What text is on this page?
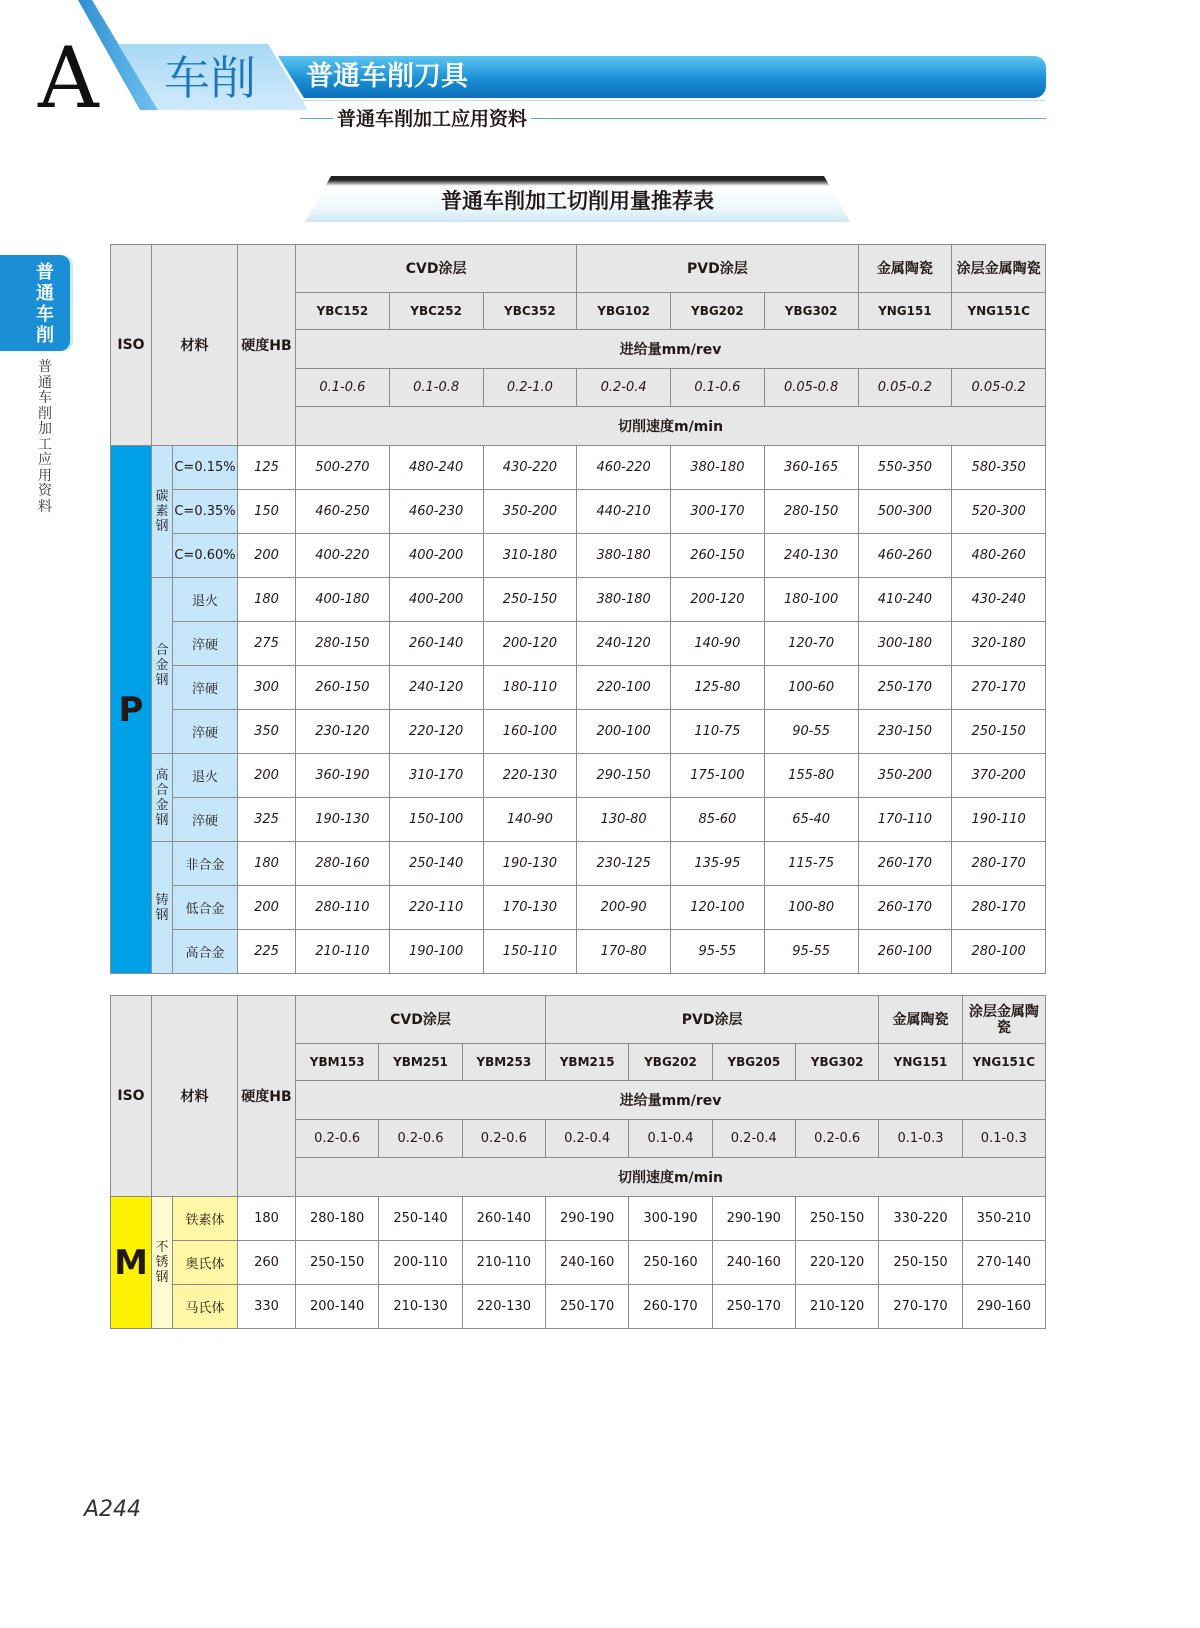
A 车削 普通车削刀具
普通车削加工应用资料
普通车削加工切削用量推荐表
普通车削
普通车削加工应用资料
ISO	材料		硬度HB	CVD涂层			PVD涂层			金属陶瓷	涂层金属陶瓷
				YBC152	YBC252	YBC352	YBG102	YBG202	YBG302	YNG151	YNG151C
				进给量mm/rev							
				0.1-0.6	0.1-0.8	0.2-1.0	0.2-0.4	0.1-0.6	0.05-0.8	0.05-0.2	0.05-0.2
				切削速度m/min							
P	碳素钢	C=0.15%	125	500-270	480-240	430-220	460-220	380-180	360-165	550-350	580-350
		C=0.35%	150	460-250	460-230	350-200	440-210	300-170	280-150	500-300	520-300
		C=0.60%	200	400-220	400-200	310-180	380-180	260-150	240-130	460-260	480-260
	合金钢	退火	180	400-180	400-200	250-150	380-180	200-120	180-100	410-240	430-240
		淬硬	275	280-150	260-140	200-120	240-120	140-90	120-70	300-180	320-180
		淬硬	300	260-150	240-120	180-110	220-100	125-80	100-60	250-170	270-170
		淬硬	350	230-120	220-120	160-100	200-100	110-75	90-55	230-150	250-150
	高合金钢	退火	200	360-190	310-170	220-130	290-150	175-100	155-80	350-200	370-200
		淬硬	325	190-130	150-100	140-90	130-80	85-60	65-40	170-110	190-110
	铸钢	非合金	180	280-160	250-140	190-130	230-125	135-95	115-75	260-170	280-170
		低合金	200	280-110	220-110	170-130	200-90	120-100	100-80	260-170	280-170
		高合金	225	210-110	190-100	150-110	170-80	95-55	95-55	260-100	280-100
ISO	材料		硬度HB	CVD涂层			PVD涂层				金属陶瓷	涂层金属陶瓷
				YBM153	YBM251	YBM253	YBM215	YBG202	YBG205	YBG302	YNG151	YNG151C
				进给量mm/rev								
				0.2-0.6	0.2-0.6	0.2-0.6	0.2-0.4	0.1-0.4	0.2-0.4	0.2-0.6	0.1-0.3	0.1-0.3
				切削速度m/min								
M	不锈钢	铁素体	180	280-180	250-140	260-140	290-190	300-190	290-190	250-150	330-220	350-210
		奥氏体	260	250-150	200-110	210-110	240-160	250-160	240-160	220-120	250-150	270-140
		马氏体	330	200-140	210-130	220-130	250-170	260-170	250-170	210-120	270-170	290-160
A244
